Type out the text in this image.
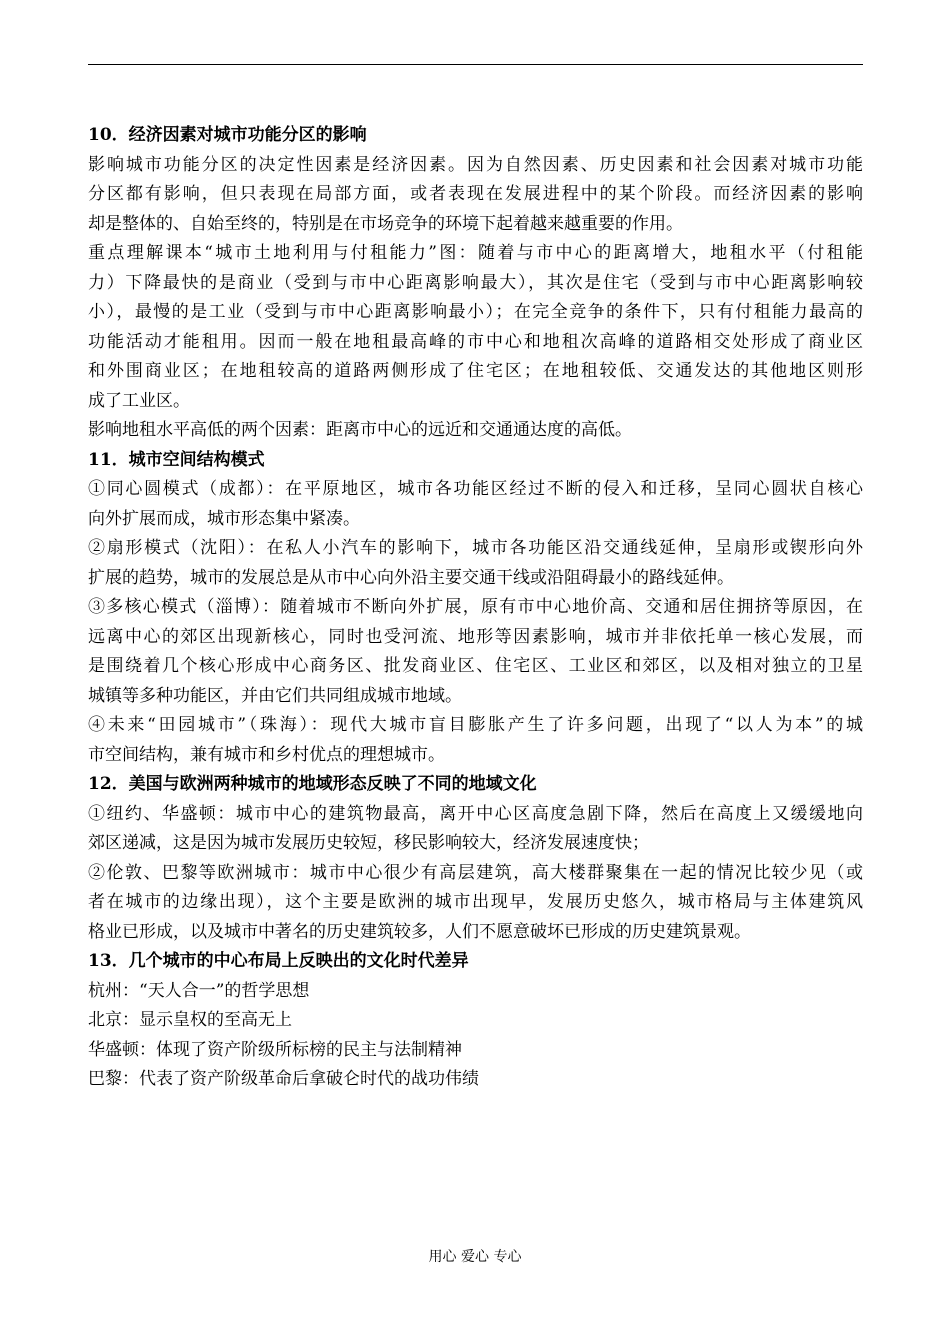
10．经济因素对城市功能分区的影响
影响城市功能分区的决定性因素是经济因素。因为自然因素、历史因素和社会因素对城市功能
分区都有影响，但只表现在局部方面，或者表现在发展进程中的某个阶段。而经济因素的影响
却是整体的、自始至终的，特别是在市场竞争的环境下起着越来越重要的作用。
重点理解课本“城市土地利用与付租能力”图：随着与市中心的距离增大，地租水平（付租能
力）下降最快的是商业（受到与市中心距离影响最大），其次是住宅（受到与市中心距离影响较
小），最慢的是工业（受到与市中心距离影响最小）；在完全竞争的条件下，只有付租能力最高的
功能活动才能租用。因而一般在地租最高峰的市中心和地租次高峰的道路相交处形成了商业区
和外围商业区；在地租较高的道路两侧形成了住宅区；在地租较低、交通发达的其他地区则形
成了工业区。
影响地租水平高低的两个因素：距离市中心的远近和交通通达度的高低。
11．城市空间结构模式
①同心圆模式（成都）：在平原地区，城市各功能区经过不断的侵入和迁移，呈同心圆状自核心
向外扩展而成，城市形态集中紧凑。
②扇形模式（沈阳）：在私人小汽车的影响下，城市各功能区沿交通线延伸，呈扇形或锲形向外
扩展的趋势，城市的发展总是从市中心向外沿主要交通干线或沿阻碍最小的路线延伸。
③多核心模式（淄博）：随着城市不断向外扩展，原有市中心地价高、交通和居住拥挤等原因，在
远离中心的郊区出现新核心，同时也受河流、地形等因素影响，城市并非依托单一核心发展，而
是围绕着几个核心形成中心商务区、批发商业区、住宅区、工业区和郊区，以及相对独立的卫星
城镇等多种功能区，并由它们共同组成城市地域。
④未来“田园城市”（珠海）：现代大城市盲目膨胀产生了许多问题，出现了“以人为本”的城
市空间结构，兼有城市和乡村优点的理想城市。
12．美国与欧洲两种城市的地域形态反映了不同的地域文化
①纽约、华盛顿：城市中心的建筑物最高，离开中心区高度急剧下降，然后在高度上又缓缓地向
郊区递减，这是因为城市发展历史较短，移民影响较大，经济发展速度快；
②伦敦、巴黎等欧洲城市：城市中心很少有高层建筑，高大楼群聚集在一起的情况比较少见（或
者在城市的边缘出现），这个主要是欧洲的城市出现早，发展历史悠久，城市格局与主体建筑风
格业已形成，以及城市中著名的历史建筑较多，人们不愿意破坏已形成的历史建筑景观。
13．几个城市的中心布局上反映出的文化时代差异
杭州：“天人合一”的哲学思想
北京：显示皇权的至高无上
华盛顿：体现了资产阶级所标榜的民主与法制精神
巴黎：代表了资产阶级革命后拿破仑时代的战功伟绩
用心 爱心 专心
